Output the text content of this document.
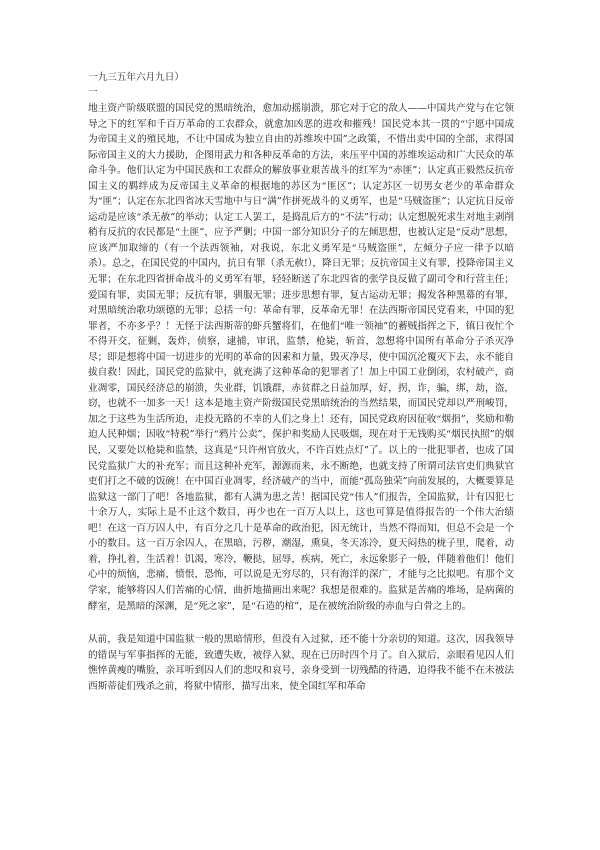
一九三五年六月九日）

一

地主资产阶级联盟的国民党的黑暗统治，愈加动摇崩溃，那它对于它的敌人——中国共产党与在它领导之下的红军和千百万革命的工农群众，就愈加凶恶的进攻和摧残！国民党本其一贯的“宁愿中国成为帝国主义的殖民地，不让中国成为独立自由的苏维埃中国”之政策，不惜出卖中国的全部，求得国际帝国主义的大力援助，企图用武力和各种反革命的方法，来压平中国的苏维埃运动和广大民众的革命斗争。他们认定为中国民族和工农群众的解放事业艰苦战斗的红军为“赤匪”；认定真正毅然反抗帝国主义的羁绊成为反帝国主义革命的根据地的苏区为“匪区”；认定苏区一切男女老少的革命群众为“匪”；认定在东北四省冰天雪地中与日“满”作拼死战斗的义勇军，也是“马贼盗匪”；认定抗日反帝运动是应该“杀无赦”的举动；认定工人罢工，是捣乱后方的“不法”行动；认定想脱死求生对地主剥削稍有反抗的农民都是“土匪”，应予严剿；中国一部分知识分子的左倾思想，也被认定是“反动”思想，应该严加取缔的（有一个法西领袖，对我说，东北义勇军是“马贼盗匪”，左倾分子应一律予以暗杀）。总之，在国民党的中国内，抗日有罪（杀无赦!），降日无罪；反抗帝国主义有罪，投降帝国主义无罪；在东北四省拼命战斗的义勇军有罪，轻轻断送了东北四省的张学良反做了副司令和行营主任；爱国有罪，卖国无罪；反抗有罪，驯服无罪；进步思想有罪，复古运动无罪；揭发各种黑幕的有罪，对黑暗统治歌功颂德的无罪；总括一句：革命有罪，反革命无罪！在法西斯帝国民党看来，中国的犯罪者，不亦多乎？！无怪于法西斯蒂的虾兵蟹将们，在他们“唯一领袖”的蓄贼指挥之下，镇日夜忙个不得开交，征剿，轰炸，侦察，逮捕，审讯，监禁，枪毙，斩首，忽想将中国所有革命分子杀灭净尽；即是想将中国一切进步的光明的革命的因素和力量，毁灭净尽，使中国沉沦覆灭下去，永不能自拔自救！因此，国民党的监狱中，就充满了这种革命的犯罪者了！加上中国工业倒闭，农村破产，商业凋零，国民经济总的崩溃，失业群，饥饿群，赤贫群之日益加厚，好，拐，诈，骗，绑，劫，盗，窃，也就不一加多一天！这本是地主资产阶级国民党黑暗统治的当然结果，而国民党却以严刑峻罚，加之于这些为生活所迫，走投无路的不幸的人们之身上！还有，国民党政府因征收“烟捐”，奖励和勒迫人民种烟；因收“特税”举行“鸦片公卖”，保护和奖励人民吸烟，现在对于无钱购买“烟民执照”的烟民，又要处以枪毙和监禁，这真是“只许州官放火，不许百姓点灯”了。以上的一批犯罪者，也成了国民党监狱广大的补充军；而且这种补充军，源源而来，永不断绝，也就支持了所谓司法官吏们典狱官吏们打之不破的饭碗！在中国百业凋零，经济破产的当中，而能“孤岛独荣”向前发展的，大概要算是监狱这一部门了吧！各地监狱，都有人满为患之苦！据国民党“伟人”们报告，全国监狱，计有囚犯七十余万人，实际上是不止这个数目，再少也在一百万人以上，这也可算是值得报告的一个伟大治绩吧！在这一百万囚人中，有百分之几十是革命的政治犯，因无统计，当然不得而知，但总不会是一个小的数目。这一百万余囚人，在黑暗，污秽，潮湿，熏臭，冬天冻冷，夏天闷热的栊子里，爬着，动着，挣扎着，生活着！饥渴，寒冷，鞭挞，屈辱，疾病，死亡，永远象影子一般，伴随着他们！他们心中的烦恼，悲痛，愤恨，恐怖，可以说是无穷尽的，只有海洋的深广，才能与之比拟吧。有那个文学家，能够将囚人们苦痛的心情，曲折地描画出来呢？我想是很难的。监狱是苦痛的堆场，是病菌的酵室，是黑暗的深渊，是“死之家”，是“石造的棺”，是在被统治阶级的赤血与白骨之上的。

从前，我是知道中国监狱一般的黑暗情形，但没有入过狱，还不能十分亲切的知道。这次，因我领导的错误与军事指挥的无能，致遭失败，被俘入狱，现在已历时四个月了。自入狱后，亲眼看见囚人们憔悴黄瘦的嘴脸，亲耳听到囚人们的悲叹和哀号，亲身受到一切残酷的待遇，迫得我不能不在未被法西斯蒂徒们残杀之前，将狱中情形，描写出来，使全国红军和革命
